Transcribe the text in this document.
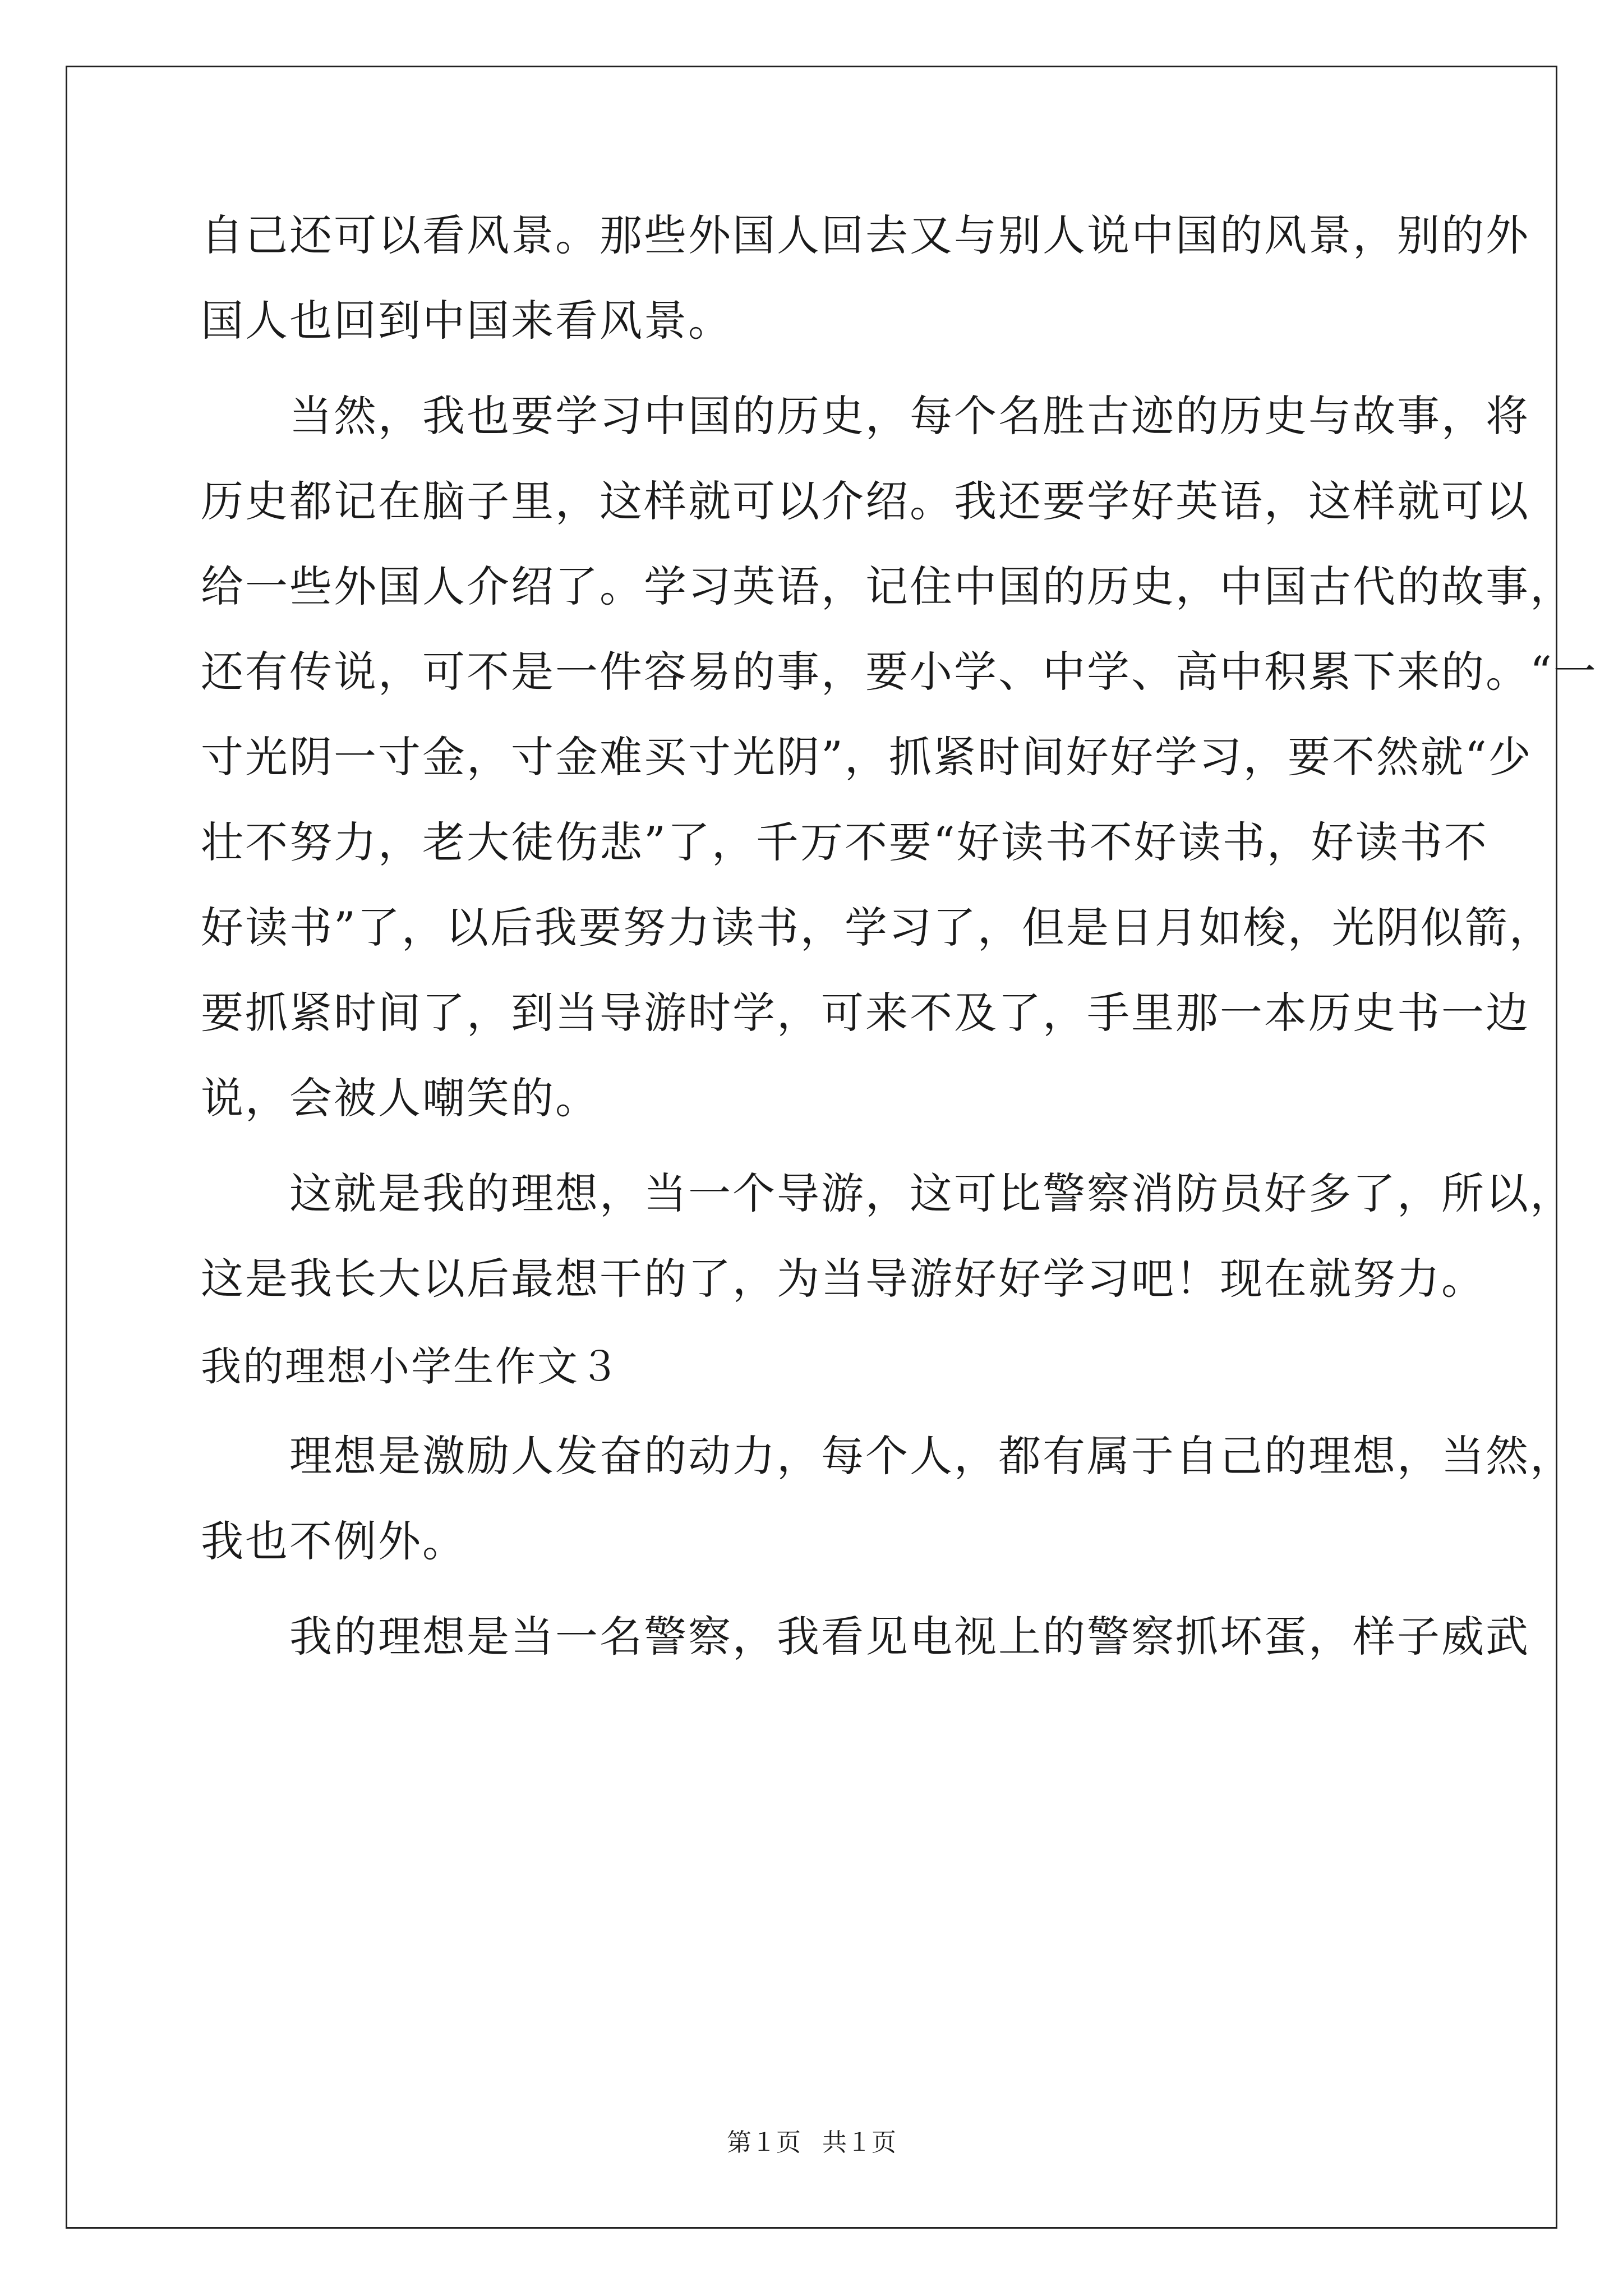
自己还可以看风景。那些外国人回去又与别人说中国的风景，别的外
国人也回到中国来看风景。
　　当然，我也要学习中国的历史，每个名胜古迹的历史与故事，将
历史都记在脑子里，这样就可以介绍。我还要学好英语，这样就可以
给一些外国人介绍了。学习英语，记住中国的历史，中国古代的故事，
还有传说，可不是一件容易的事，要小学、中学、高中积累下来的。“一
寸光阴一寸金，寸金难买寸光阴”，抓紧时间好好学习，要不然就“少
壮不努力，老大徒伤悲”了，千万不要“好读书不好读书，好读书不
好读书”了，以后我要努力读书，学习了，但是日月如梭，光阴似箭，
要抓紧时间了，到当导游时学，可来不及了，手里那一本历史书一边
说，会被人嘲笑的。
　　这就是我的理想，当一个导游，这可比警察消防员好多了，所以，
这是我长大以后最想干的了，为当导游好好学习吧！现在就努力。
我的理想小学生作文３
　　理想是激励人发奋的动力，每个人，都有属于自己的理想，当然，
我也不例外。
　　我的理想是当一名警察，我看见电视上的警察抓坏蛋，样子威武
第１页 共１页
